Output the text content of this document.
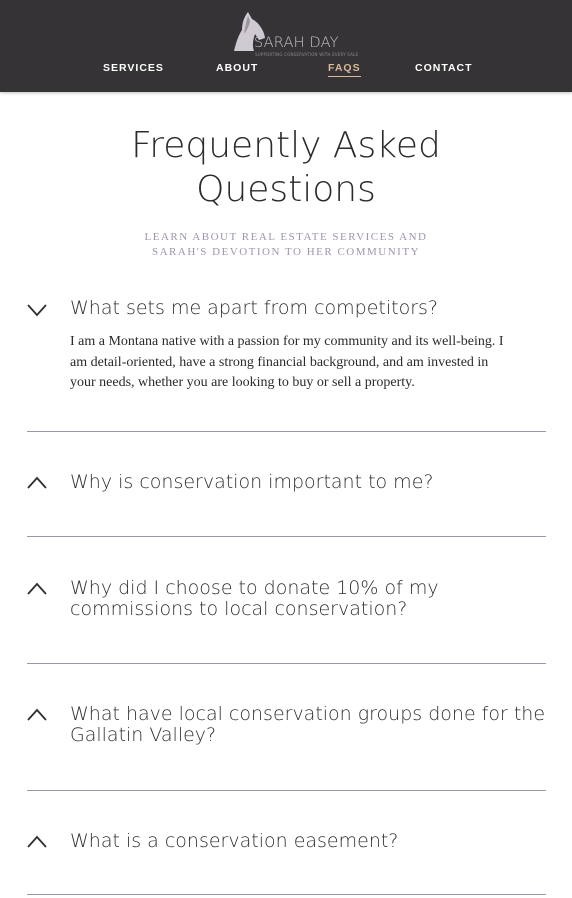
SARAH DAY
SUPPORTING CONSERVATION WITH EVERY SALE
SERVICES	ABOUT	FAQS	CONTACT
Frequently Asked
Questions

LEARN ABOUT REAL ESTATE SERVICES AND
SARAH'S DEVOTION TO HER COMMUNITY

What sets me apart from competitors?

I am a Montana native with a passion for my community and its well-being. I
am detail-oriented, have a strong financial background, and am invested in
your needs, whether you are looking to buy or sell a property.

Why is conservation important to me?
Why did I choose to donate 10% of my
commissions to local conservation?
What have local conservation groups done for the
Gallatin Valley?
What is a conservation easement?
